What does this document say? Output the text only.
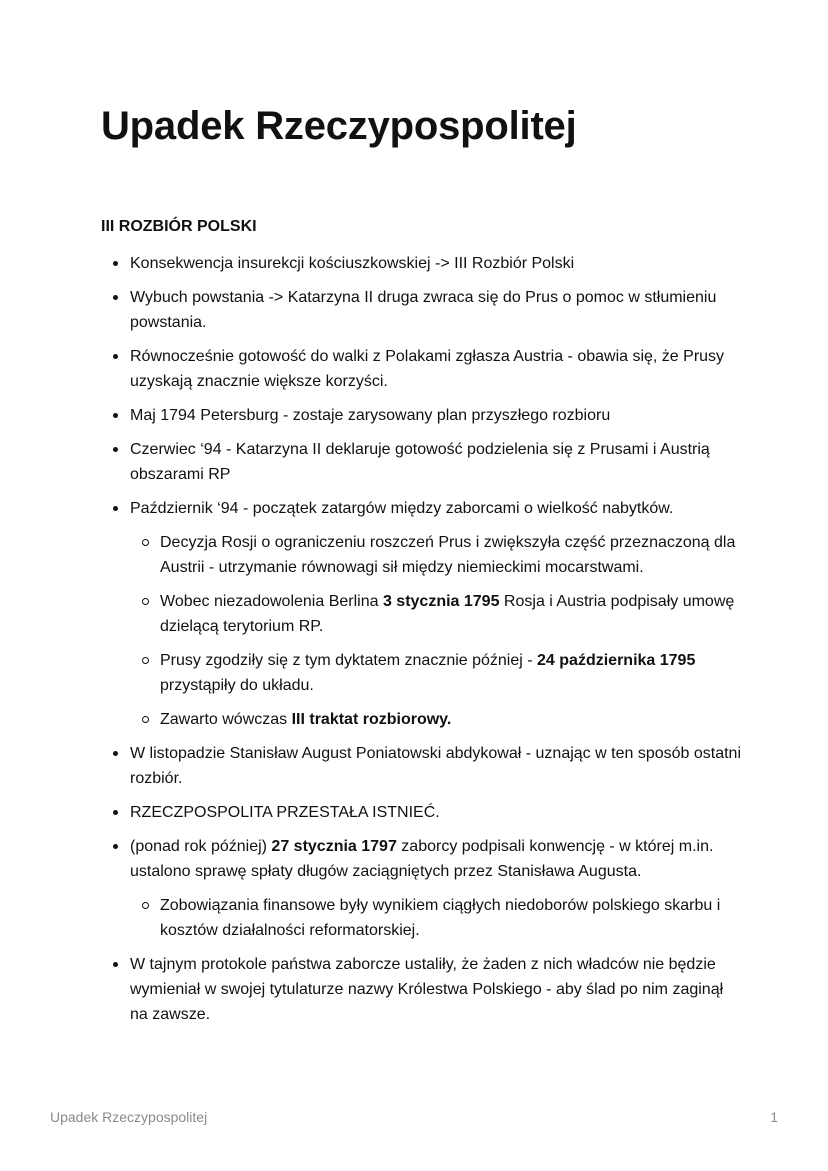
Upadek Rzeczypospolitej
III ROZBIÓR POLSKI
Konsekwencja insurekcji kościuszkowskiej -> III Rozbiór Polski
Wybuch powstania -> Katarzyna II druga zwraca się do Prus o pomoc w stłumieniu powstania.
Równocześnie gotowość do walki z Polakami zgłasza Austria - obawia się, że Prusy uzyskają znacznie większe korzyści.
Maj 1794 Petersburg - zostaje zarysowany plan przyszłego rozbioru
Czerwiec ‘94 - Katarzyna II deklaruje gotowość podzielenia się z Prusami i Austrią obszarami RP
Październik ‘94 - początek zatargów między zaborcami o wielkość nabytków.
Decyzja Rosji o ograniczeniu roszczeń Prus i zwiększyła część przeznaczoną dla Austrii - utrzymanie równowagi sił między niemieckimi mocarstwami.
Wobec niezadowolenia Berlina 3 stycznia 1795 Rosja i Austria podpisały umowę dzielącą terytorium RP.
Prusy zgodziły się z tym dyktatem znacznie później - 24 października 1795 przystąpiły do układu.
Zawarto wówczas III traktat rozbiorowy.
W listopadzie Stanisław August Poniatowski abdykował - uznając w ten sposób ostatni rozbiór.
RZECZPOSPOLITA PRZESTAŁA ISTNIEĆ.
(ponad rok później) 27 stycznia 1797 zaborcy podpisali konwencję - w której m.in. ustalono sprawę spłaty długów zaciągniętych przez Stanisława Augusta.
Zobowiązania finansowe były wynikiem ciągłych niedoborów polskiego skarbu i kosztów działalności reformatorskiej.
W tajnym protokole państwa zaborcze ustaliły, że żaden z nich władców nie będzie wymieniał w swojej tytulaturze nazwy Królestwa Polskiego - aby ślad po nim zaginął na zawsze.
Upadek Rzeczypospolitej	1
